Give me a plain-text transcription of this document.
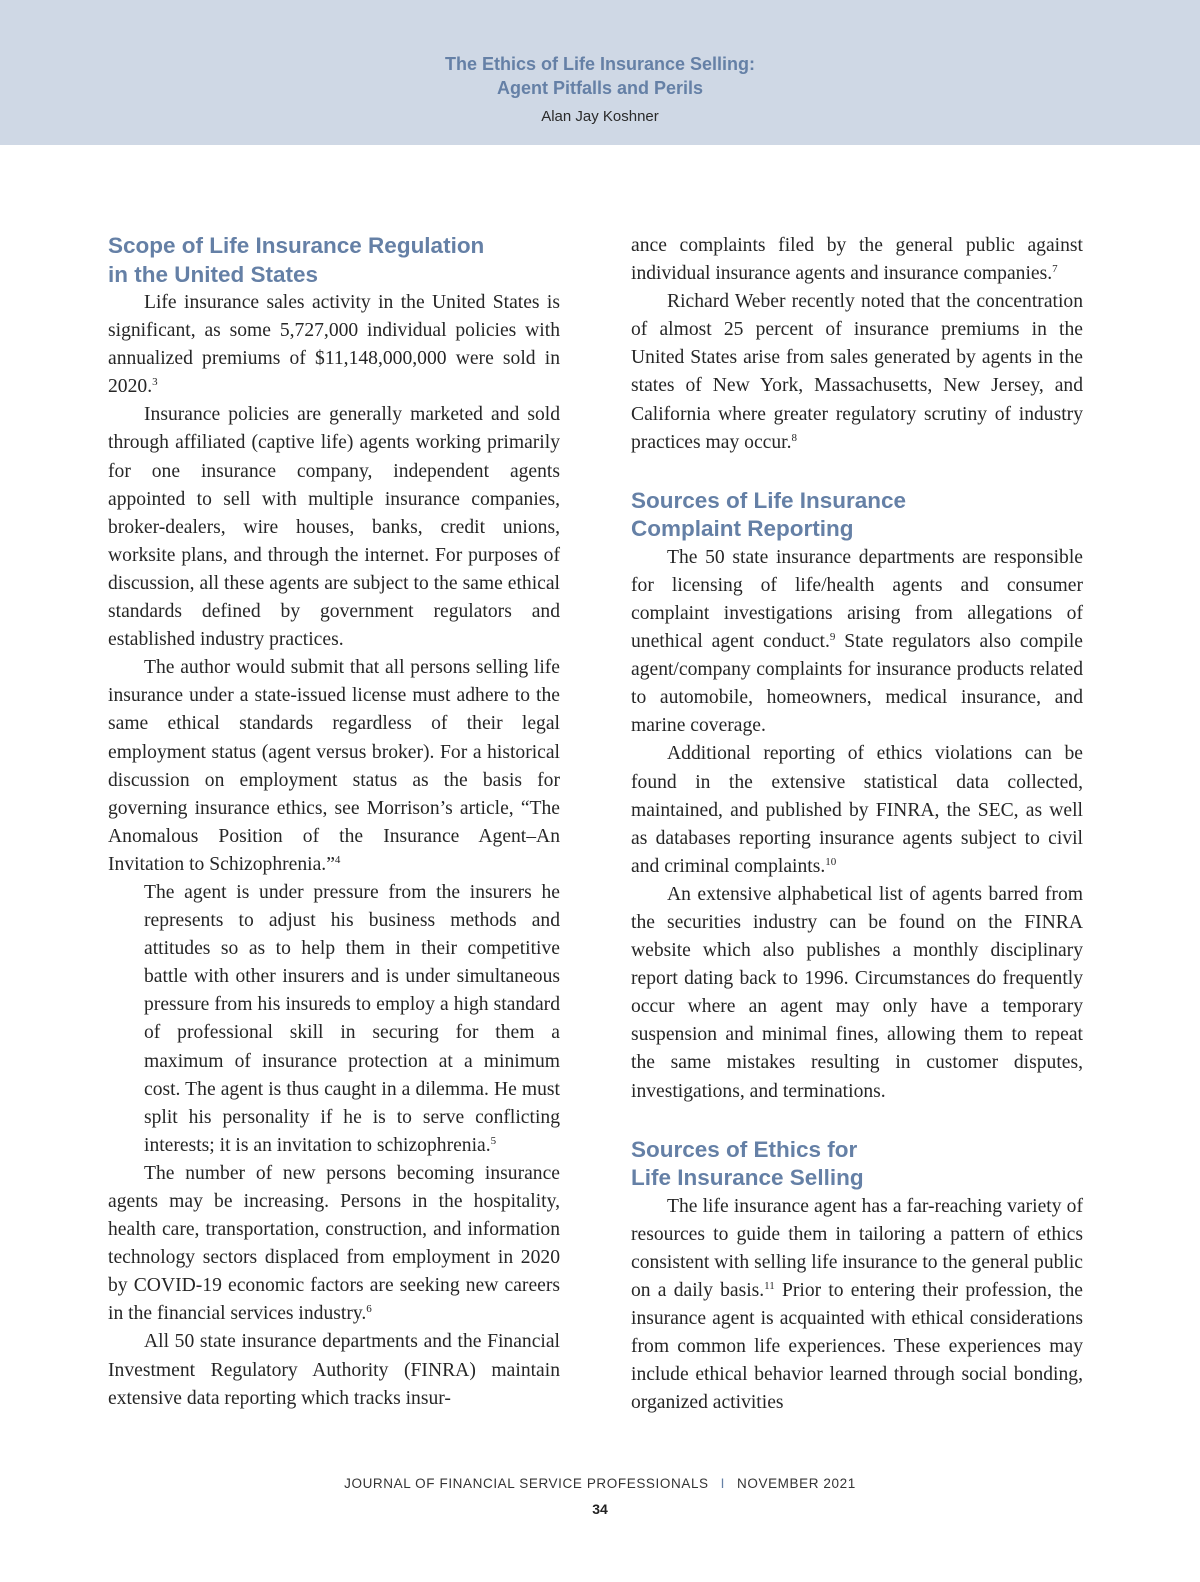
The Ethics of Life Insurance Selling:
Agent Pitfalls and Perils
Alan Jay Koshner
Scope of Life Insurance Regulation
in the United States

Life insurance sales activity in the United States is significant, as some 5,727,000 individual policies with annualized premiums of $11,148,000,000 were sold in 2020.$^3$

Insurance policies are generally marketed and sold through affiliated (captive life) agents working primarily for one insurance company, independent agents appointed to sell with multiple insurance companies, broker-dealers, wire houses, banks, credit unions, worksite plans, and through the internet. For purposes of discussion, all these agents are subject to the same ethical standards defined by government regulators and established industry practices.

The author would submit that all persons selling life insurance under a state-issued license must adhere to the same ethical standards regardless of their legal employment status (agent versus broker). For a historical discussion on employment status as the basis for governing insurance ethics, see Morrison’s article, “The Anomalous Position of the Insurance Agent–An Invitation to Schizophrenia.”$^4$

The agent is under pressure from the insurers he represents to adjust his business methods and attitudes so as to help them in their competitive battle with other insurers and is under simultaneous pressure from his insureds to employ a high standard of professional skill in securing for them a maximum of insurance protection at a minimum cost. The agent is thus caught in a dilemma. He must split his personality if he is to serve conflicting interests; it is an invitation to schizophrenia.$^5$

The number of new persons becoming insurance agents may be increasing. Persons in the hospitality, health care, transportation, construction, and information technology sectors displaced from employment in 2020 by COVID-19 economic factors are seeking new careers in the financial services industry.$^6$

All 50 state insurance departments and the Financial Investment Regulatory Authority (FINRA) maintain extensive data reporting which tracks insur-

ance complaints filed by the general public against individual insurance agents and insurance companies.$^7$

Richard Weber recently noted that the concentration of almost 25 percent of insurance premiums in the United States arise from sales generated by agents in the states of New York, Massachusetts, New Jersey, and California where greater regulatory scrutiny of industry practices may occur.$^8$

Sources of Life Insurance
Complaint Reporting

The 50 state insurance departments are responsible for licensing of life/health agents and consumer complaint investigations arising from allegations of unethical agent conduct.$^9$ State regulators also compile agent/company complaints for insurance products related to automobile, homeowners, medical insurance, and marine coverage.

Additional reporting of ethics violations can be found in the extensive statistical data collected, maintained, and published by FINRA, the SEC, as well as databases reporting insurance agents subject to civil and criminal complaints.$^{10}$

An extensive alphabetical list of agents barred from the securities industry can be found on the FINRA website which also publishes a monthly disciplinary report dating back to 1996. Circumstances do frequently occur where an agent may only have a temporary suspension and minimal fines, allowing them to repeat the same mistakes resulting in customer disputes, investigations, and terminations.

Sources of Ethics for
Life Insurance Selling

The life insurance agent has a far-reaching variety of resources to guide them in tailoring a pattern of ethics consistent with selling life insurance to the general public on a daily basis.$^{11}$ Prior to entering their profession, the insurance agent is acquainted with ethical considerations from common life experiences. These experiences may include ethical behavior learned through social bonding, organized activities

JOURNAL OF FINANCIAL SERVICE PROFESSIONALS I NOVEMBER 2021
34
